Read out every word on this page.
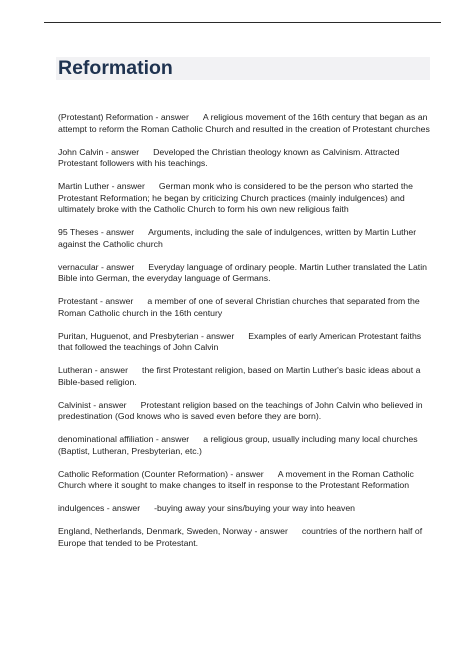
Reformation

(Protestant) Reformation - answer A religious movement of the 16th century that began as an attempt to reform the Roman Catholic Church and resulted in the creation of Protestant churches

John Calvin - answer Developed the Christian theology known as Calvinism. Attracted Protestant followers with his teachings.

Martin Luther - answer German monk who is considered to be the person who started the Protestant Reformation; he began by criticizing Church practices (mainly indulgences) and ultimately broke with the Catholic Church to form his own new religious faith

95 Theses - answer Arguments, including the sale of indulgences, written by Martin Luther against the Catholic church

vernacular - answer Everyday language of ordinary people. Martin Luther translated the Latin Bible into German, the everyday language of Germans.

Protestant - answer a member of one of several Christian churches that separated from the Roman Catholic church in the 16th century

Puritan, Huguenot, and Presbyterian - answer Examples of early American Protestant faiths that followed the teachings of John Calvin

Lutheran - answer the first Protestant religion, based on Martin Luther's basic ideas about a Bible-based religion.

Calvinist - answer Protestant religion based on the teachings of John Calvin who believed in predestination (God knows who is saved even before they are born).

denominational affiliation - answer a religious group, usually including many local churches (Baptist, Lutheran, Presbyterian, etc.)

Catholic Reformation (Counter Reformation) - answer A movement in the Roman Catholic Church where it sought to make changes to itself in response to the Protestant Reformation

indulgences - answer -buying away your sins/buying your way into heaven

England, Netherlands, Denmark, Sweden, Norway - answer countries of the northern half of Europe that tended to be Protestant.
